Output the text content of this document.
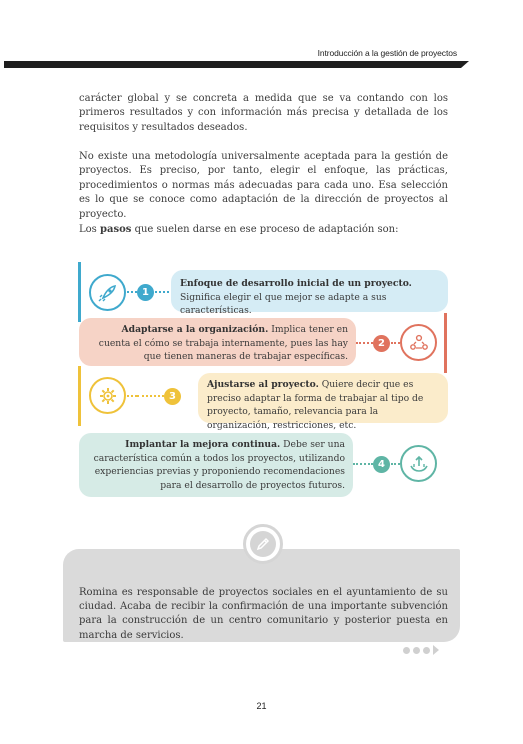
Introducción a la gestión de proyectos

carácter global y se concreta a medida que se va contando con los primeros resultados y con información más precisa y detallada de los requisitos y resultados deseados.

No existe una metodología universalmente aceptada para la gestión de proyectos. Es preciso, por tanto, elegir el enfoque, las prácticas, procedimientos o normas más adecuadas para cada uno. Esa selección es lo que se conoce como adaptación de la dirección de proyectos al proyecto.

Los pasos que suelen darse en ese proceso de adaptación son:

1
Enfoque de desarrollo inicial de un proyecto. Significa elegir el que mejor se adapte a sus características.
Adaptarse a la organización. Implica tener en cuenta el cómo se trabaja internamente, pues las hay que tienen maneras de trabajar específicas.
2
3
Ajustarse al proyecto. Quiere decir que es preciso adaptar la forma de trabajar al tipo de proyecto, tamaño, relevancia para la organización, restricciones, etc.
Implantar la mejora continua. Debe ser una característica común a todos los proyectos, utilizando experiencias previas y proponiendo recomendaciones para el desarrollo de proyectos futuros.
4

Romina es responsable de proyectos sociales en el ayuntamiento de su ciudad. Acaba de recibir la confirmación de una importante subvención para la construcción de un centro comunitario y posterior puesta en marcha de servicios.

21
